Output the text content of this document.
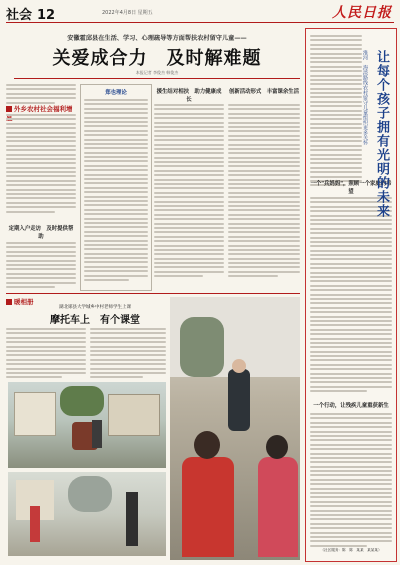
社会 12	2022年4月8日 星期五	人民日报
安徽霍邱县在生活、学习、心理疏导等方面帮扶农村留守儿童——
关爱成合力　及时解难题
本报记者 李俊杰 韩俊杰
外乡农村社会福利增
定期入户走访　及时提供帮助
郑也理论	援生结对相扶　助力健康成长
创新活动形式　丰富课余生活
暖相册
湖北郧县大学城乡中村老师学生上课
摩托车上　有个课堂
一个"兵妈妈"，照顾一个家庭的希望
一个行动，让残疾儿童重获新生
（社区服务：陈　陈　某某　某某某）
让每个孩子拥有光明的未来
淮河　海淡路线农村留守儿童组织更多关怀
